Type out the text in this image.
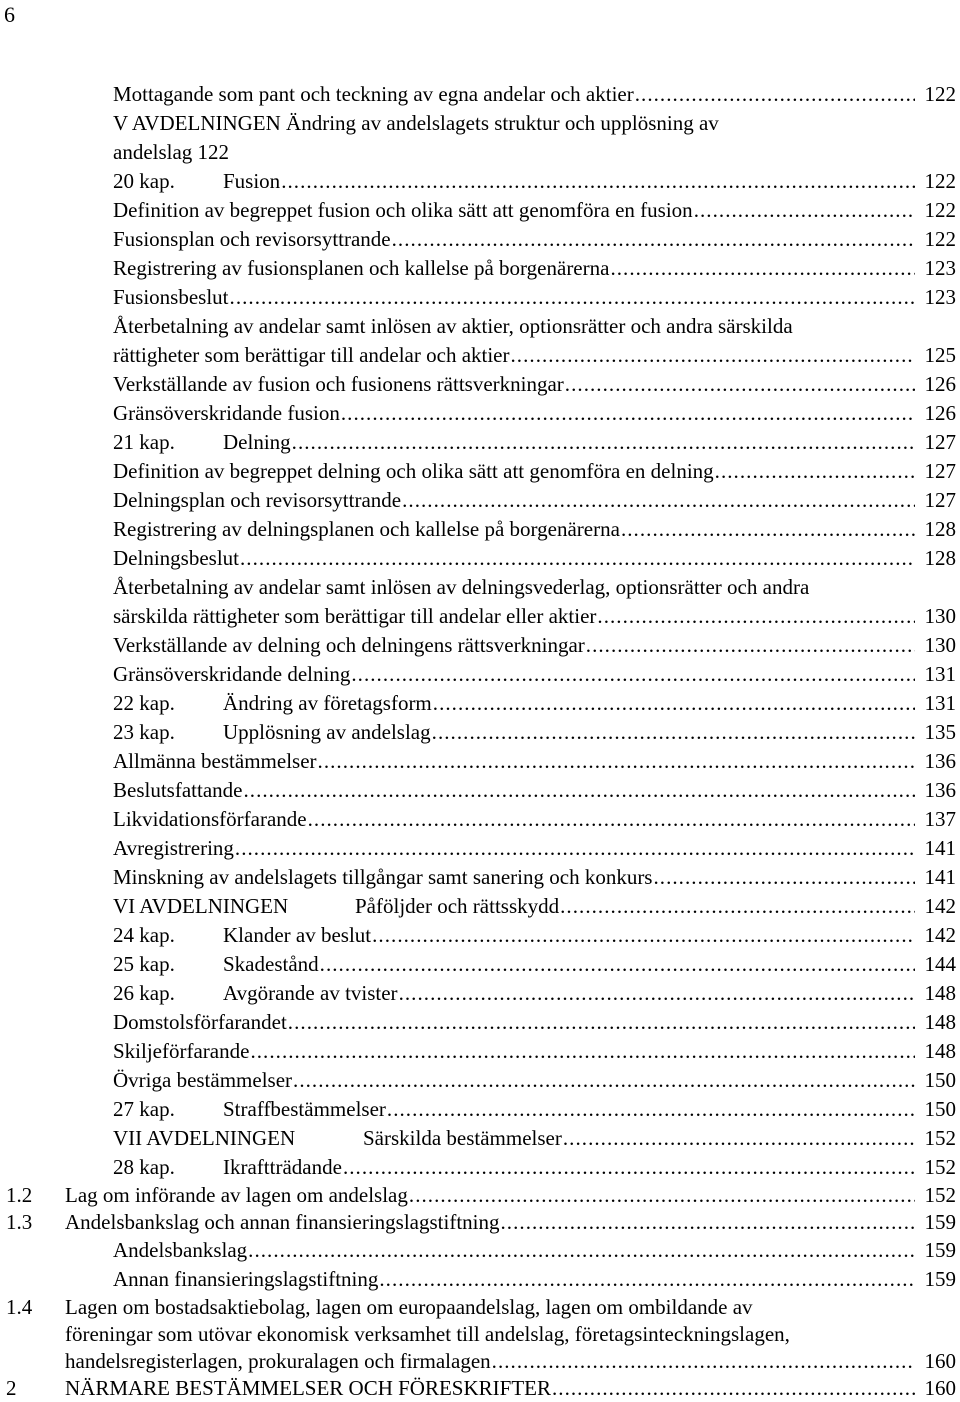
6
Mottagande som pant och teckning av egna andelar och aktier . . .	122
V AVDELNINGEN Ändring av andelslagets struktur och upplösning av
andelslag 122
20 kap. Fusion . . .	122
Definition av begreppet fusion och olika sätt att genomföra en fusion . . .	122
Fusionsplan och revisorsyttrande . . .	122
Registrering av fusionsplanen och kallelse på borgenärerna . . .	123
Fusionsbeslut . . .	123
Återbetalning av andelar samt inlösen av aktier, optionsrätter och andra särskilda
rättigheter som berättigar till andelar och aktier . . .	125
Verkställande av fusion och fusionens rättsverkningar . . .	126
Gränsöverskridande fusion . . .	126
21 kap. Delning . . .	127
Definition av begreppet delning och olika sätt att genomföra en delning . . .	127
Delningsplan och revisorsyttrande . . .	127
Registrering av delningsplanen och kallelse på borgenärerna . . .	128
Delningsbeslut . . .	128
Återbetalning av andelar samt inlösen av delningsvederlag, optionsrätter och andra
särskilda rättigheter som berättigar till andelar eller aktier . . .	130
Verkställande av delning och delningens rättsverkningar . . .	130
Gränsöverskridande delning . . .	131
22 kap. Ändring av företagsform . . .	131
23 kap. Upplösning av andelslag . . .	135
Allmänna bestämmelser . . .	136
Beslutsfattande . . .	136
Likvidationsförfarande . . .	137
Avregistrering . . .	141
Minskning av andelslagets tillgångar samt sanering och konkurs . . .	141
VI AVDELNINGEN	Påföljder och rättsskydd . . .	142
24 kap. Klander av beslut . . .	142
25 kap. Skadestånd . . .	144
26 kap. Avgörande av tvister . . .	148
Domstolsförfarandet . . .	148
Skiljeförfarande . . .	148
Övriga bestämmelser . . .	150
27 kap. Straffbestämmelser . . .	150
VII AVDELNINGEN	Särskilda bestämmelser . . .	152
28 kap. Ikraftträdande . . .	152
1.2 Lag om införande av lagen om andelslag . . .	152
1.3 Andelsbankslag och annan finansieringslagstiftning . . .	159
Andelsbankslag . . .	159
Annan finansieringslagstiftning . . .	159
1.4 Lagen om bostadsaktiebolag, lagen om europaandelslag, lagen om ombildande av
föreningar som utövar ekonomisk verksamhet till andelslag, företagsinteckningslagen,
handelsregisterlagen, prokuralagen och firmalagen . . .	160
2 NÄRMARE BESTÄMMELSER OCH FÖRESKRIFTER . . .	160
